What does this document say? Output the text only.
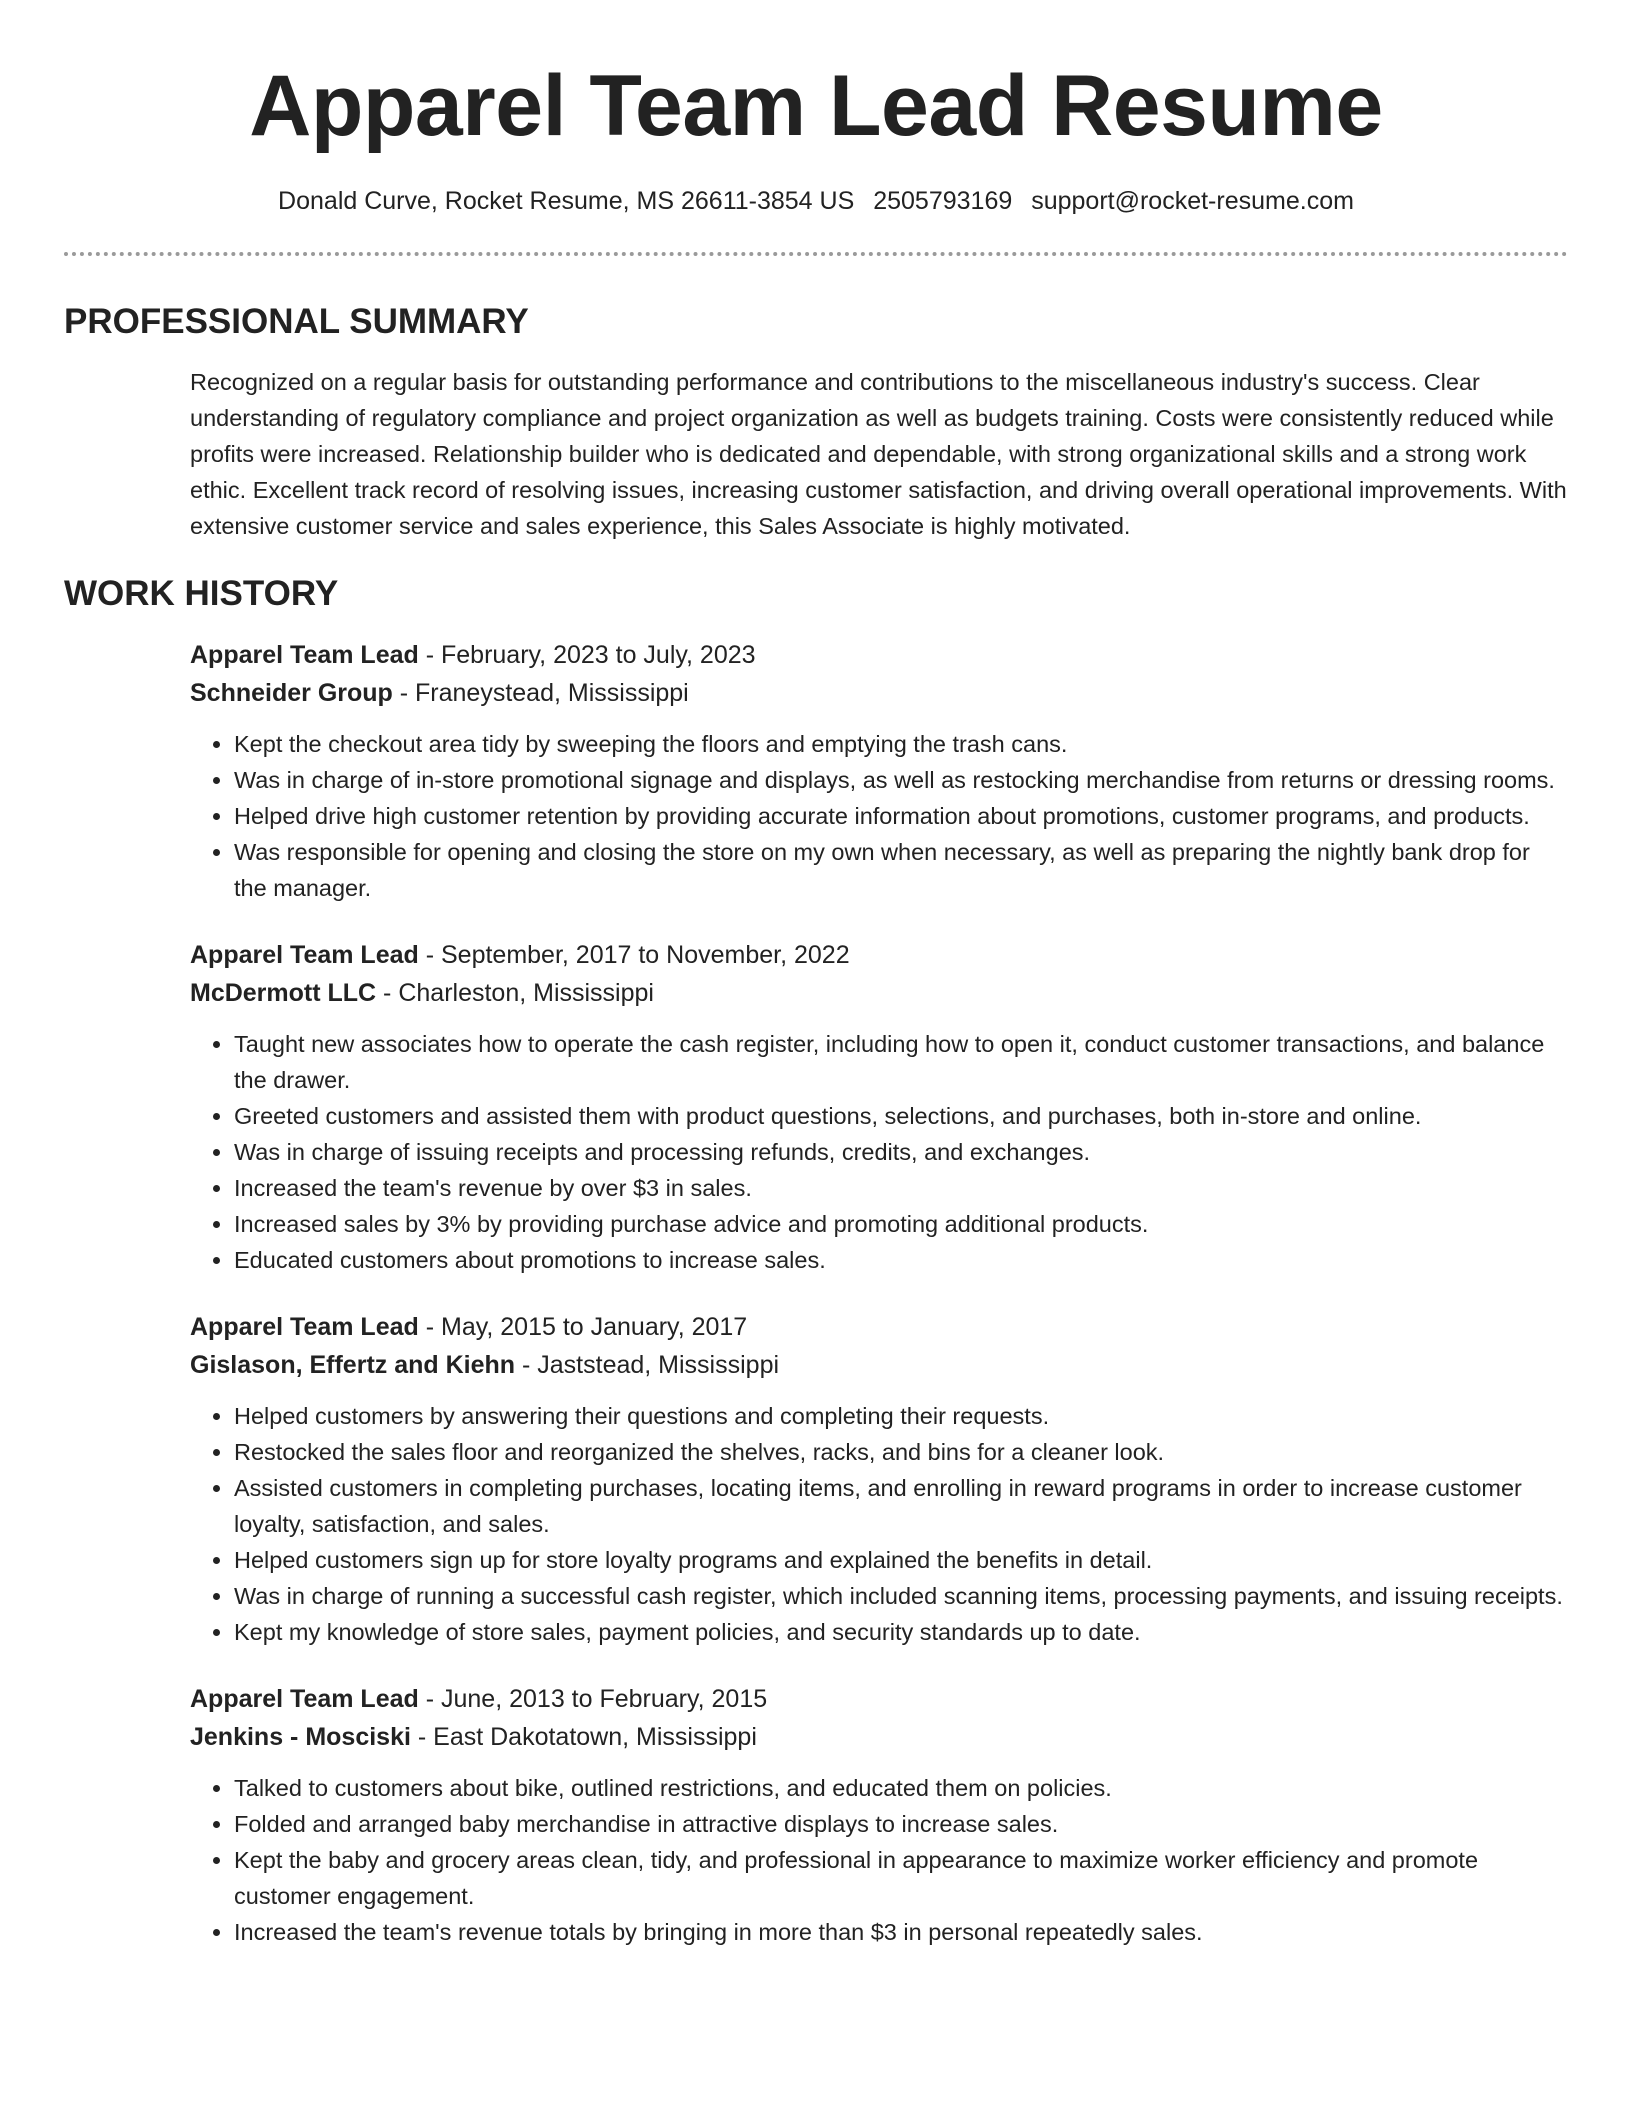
Apparel Team Lead Resume
Donald Curve, Rocket Resume, MS 26611-3854 US 2505793169 support@rocket-resume.com
PROFESSIONAL SUMMARY
Recognized on a regular basis for outstanding performance and contributions to the miscellaneous industry's success. Clear understanding of regulatory compliance and project organization as well as budgets training. Costs were consistently reduced while profits were increased. Relationship builder who is dedicated and dependable, with strong organizational skills and a strong work ethic. Excellent track record of resolving issues, increasing customer satisfaction, and driving overall operational improvements. With extensive customer service and sales experience, this Sales Associate is highly motivated.
WORK HISTORY
Apparel Team Lead - February, 2023 to July, 2023
Schneider Group - Franeystead, Mississippi
• Kept the checkout area tidy by sweeping the floors and emptying the trash cans.
• Was in charge of in-store promotional signage and displays, as well as restocking merchandise from returns or dressing rooms.
• Helped drive high customer retention by providing accurate information about promotions, customer programs, and products.
• Was responsible for opening and closing the store on my own when necessary, as well as preparing the nightly bank drop for the manager.
Apparel Team Lead - September, 2017 to November, 2022
McDermott LLC - Charleston, Mississippi
• Taught new associates how to operate the cash register, including how to open it, conduct customer transactions, and balance the drawer.
• Greeted customers and assisted them with product questions, selections, and purchases, both in-store and online.
• Was in charge of issuing receipts and processing refunds, credits, and exchanges.
• Increased the team's revenue by over $3 in sales.
• Increased sales by 3% by providing purchase advice and promoting additional products.
• Educated customers about promotions to increase sales.
Apparel Team Lead - May, 2015 to January, 2017
Gislason, Effertz and Kiehn - Jaststead, Mississippi
• Helped customers by answering their questions and completing their requests.
• Restocked the sales floor and reorganized the shelves, racks, and bins for a cleaner look.
• Assisted customers in completing purchases, locating items, and enrolling in reward programs in order to increase customer loyalty, satisfaction, and sales.
• Helped customers sign up for store loyalty programs and explained the benefits in detail.
• Was in charge of running a successful cash register, which included scanning items, processing payments, and issuing receipts.
• Kept my knowledge of store sales, payment policies, and security standards up to date.
Apparel Team Lead - June, 2013 to February, 2015
Jenkins - Mosciski - East Dakotatown, Mississippi
• Talked to customers about bike, outlined restrictions, and educated them on policies.
• Folded and arranged baby merchandise in attractive displays to increase sales.
• Kept the baby and grocery areas clean, tidy, and professional in appearance to maximize worker efficiency and promote customer engagement.
• Increased the team's revenue totals by bringing in more than $3 in personal repeatedly sales.
